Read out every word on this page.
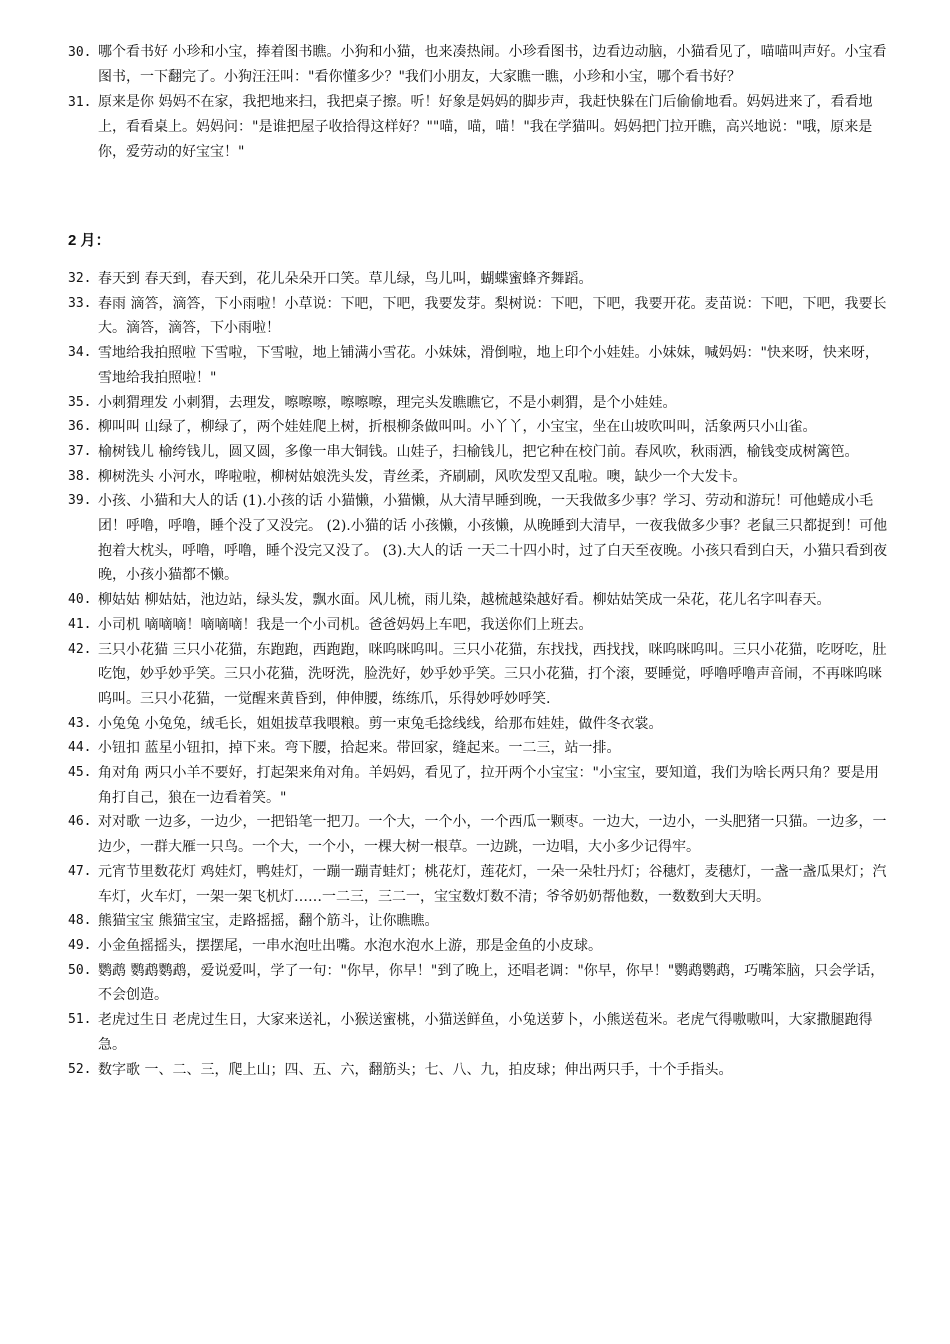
30. 哪个看书好 小珍和小宝，捧着图书瞧。小狗和小猫，也来凑热闹。小珍看图书，边看边动脑，小猫看见了，喵喵叫声好。小宝看图书，一下翻完了。小狗汪汪叫："看你懂多少？"我们小朋友，大家瞧一瞧，小珍和小宝，哪个看书好？
31. 原来是你 妈妈不在家，我把地来扫，我把桌子擦。听！好象是妈妈的脚步声，我赶快躲在门后偷偷地看。妈妈进来了，看看地上，看看桌上。妈妈问："是谁把屋子收拾得这样好？""喵，喵，喵！"我在学猫叫。妈妈把门拉开瞧，高兴地说："哦，原来是你，爱劳动的好宝宝！"
2 月：
32. 春天到 春天到，春天到，花儿朵朵开口笑。草儿绿，鸟儿叫，蝴蝶蜜蜂齐舞蹈。
33. 春雨 滴答，滴答，下小雨啦！小草说：下吧，下吧，我要发芽。梨树说：下吧，下吧，我要开花。麦苗说：下吧，下吧，我要长大。滴答，滴答，下小雨啦！
34. 雪地给我拍照啦 下雪啦，下雪啦，地上铺满小雪花。小妹妹，滑倒啦，地上印个小娃娃。小妹妹，喊妈妈："快来呀，快来呀，雪地给我拍照啦！"
35. 小刺猬理发 小刺猬，去理发，嚓嚓嚓，嚓嚓嚓，理完头发瞧瞧它，不是小刺猬，是个小娃娃。
36. 柳叫叫 山绿了，柳绿了，两个娃娃爬上树，折根柳条做叫叫。小丫丫，小宝宝，坐在山坡吹叫叫，活象两只小山雀。
37. 榆树钱儿 榆绔钱儿，圆又圆，多像一串大铜钱。山娃子，扫榆钱儿，把它种在校门前。春风吹，秋雨洒，榆钱变成树篱笆。
38. 柳树洗头 小河水，哗啦啦，柳树姑娘洗头发，青丝柔，齐刷刷，风吹发型又乱啦。噢，缺少一个大发卡。
39. 小孩、小猫和大人的话 (1).小孩的话 小猫懒，小猫懒，从大清早睡到晚，一天我做多少事？学习、劳动和游玩！可他蜷成小毛团！呼噜，呼噜，睡个没了又没完。 (2).小猫的话 小孩懒，小孩懒，从晚睡到大清早，一夜我做多少事？老鼠三只都捉到！可他抱着大枕头，呼噜，呼噜，睡个没完又没了。 (3).大人的话 一天二十四小时，过了白天至夜晚。小孩只看到白天，小猫只看到夜晚，小孩小猫都不懒。
40. 柳姑姑 柳姑姑，池边站，绿头发，飘水面。风儿梳，雨儿染，越梳越染越好看。柳姑姑笑成一朵花，花儿名字叫春天。
41. 小司机 嘀嘀嘀！嘀嘀嘀！我是一个小司机。爸爸妈妈上车吧，我送你们上班去。
42. 三只小花猫 三只小花猫，东跑跑，西跑跑，咪呜咪呜叫。三只小花猫，东找找，西找找，咪呜咪呜叫。三只小花猫，吃呀吃，肚吃饱，妙乎妙乎笑。三只小花猫，洗呀洗，脸洗好，妙乎妙乎笑。三只小花猫，打个滚，要睡觉，呼噜呼噜声音闹，不再咪呜咪呜叫。三只小花猫，一觉醒来黄昏到，伸伸腰，练练爪，乐得妙呼妙呼笑.
43. 小兔兔 小兔兔，绒毛长，姐姐拔草我喂粮。剪一束兔毛捻线线，给那布娃娃，做件冬衣裳。
44. 小钮扣 蓝星小钮扣，掉下来。弯下腰，拾起来。带回家，缝起来。一二三，站一排。
45. 角对角 两只小羊不要好，打起架来角对角。羊妈妈，看见了，拉开两个小宝宝："小宝宝，要知道，我们为啥长两只角？要是用角打自己，狼在一边看着笑。"
46. 对对歌 一边多，一边少，一把铅笔一把刀。一个大，一个小，一个西瓜一颗枣。一边大，一边小，一头肥猪一只猫。一边多，一边少，一群大雁一只鸟。一个大，一个小，一棵大树一根草。一边跳，一边唱，大小多少记得牢。
47. 元宵节里数花灯 鸡娃灯，鸭娃灯，一蹦一蹦青蛙灯；桃花灯，莲花灯，一朵一朵牡丹灯；谷穗灯，麦穗灯，一盏一盏瓜果灯；汽车灯，火车灯，一架一架飞机灯……一二三，三二一，宝宝数灯数不清；爷爷奶奶帮他数，一数数到大天明。
48. 熊猫宝宝 熊猫宝宝，走路摇摇，翻个筋斗，让你瞧瞧。
49. 小金鱼摇摇头，摆摆尾，一串水泡吐出嘴。水泡水泡水上游，那是金鱼的小皮球。
50. 鹦鹉 鹦鹉鹦鹉，爱说爱叫，学了一句："你早，你早！"到了晚上，还唱老调："你早，你早！"鹦鹉鹦鹉，巧嘴笨脑，只会学话，不会创造。
51. 老虎过生日 老虎过生日，大家来送礼，小猴送蜜桃，小猫送鲜鱼，小兔送萝卜，小熊送苞米。老虎气得嗷嗷叫，大家撒腿跑得急。
52. 数字歌 一、二、三，爬上山；四、五、六，翻筋头；七、八、九，拍皮球；伸出两只手，十个手指头。
